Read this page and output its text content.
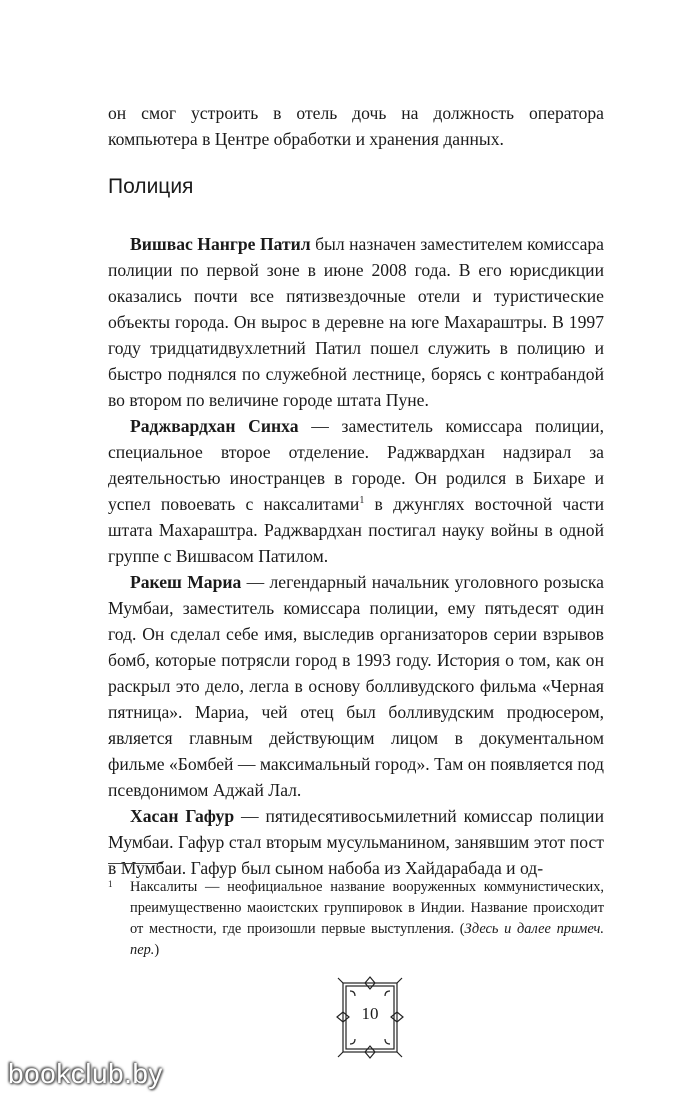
он смог устроить в отель дочь на должность оператора компьютера в Центре обработки и хранения данных.

Полиция

Вишвас Нангре Патил был назначен заместителем комиссара полиции по первой зоне в июне 2008 года. В его юрисдикции оказались почти все пятизвездочные отели и туристические объекты города. Он вырос в деревне на юге Махараштры. В 1997 году тридцатидвухлетний Патил пошел служить в полицию и быстро поднялся по служебной лестнице, борясь с контрабандой во втором по величине городе штата Пуне.

Раджвардхан Синха — заместитель комиссара полиции, специальное второе отделение. Раджвардхан надзирал за деятельностью иностранцев в городе. Он родился в Бихаре и успел повоевать с наксалитами$^1$ в джунглях восточной части штата Махараштра. Раджвардхан постигал науку войны в одной группе с Вишвасом Патилом.

Ракеш Мариа — легендарный начальник уголовного розыска Мумбаи, заместитель комиссара полиции, ему пятьдесят один год. Он сделал себе имя, выследив организаторов серии взрывов бомб, которые потрясли город в 1993 году. История о том, как он раскрыл это дело, легла в основу болливудского фильма «Черная пятница». Мариа, чей отец был болливудским продюсером, является главным действующим лицом в документальном фильме «Бомбей — максимальный город». Там он появляется под псевдонимом Аджай Лал.

Хасан Гафур — пятидесятивосьмилетний комиссар полиции Мумбаи. Гафур стал вторым мусульманином, занявшим этот пост в Мумбаи. Гафур был сыном набоба из Хайдарабада и од-

1 Наксалиты — неофициальное название вооруженных коммунистических, преимущественно маоистских группировок в Индии. Название происходит от местности, где произошли первые выступления. (Здесь и далее примеч. пер.)
10
bookclub.by
